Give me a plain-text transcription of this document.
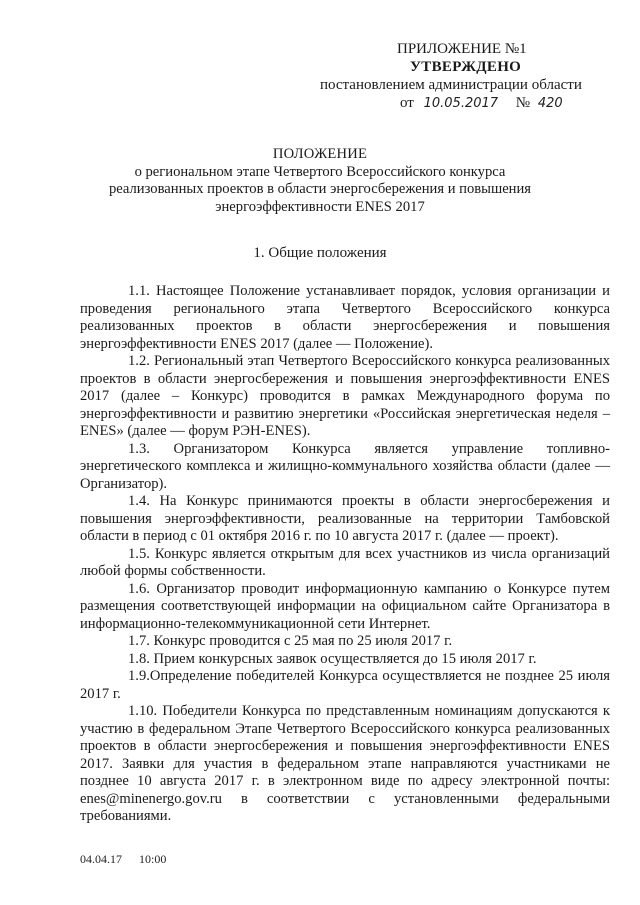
ПРИЛОЖЕНИЕ №1
УТВЕРЖДЕНО
постановлением администрации области
от 10.05.2017 № 420
ПОЛОЖЕНИЕ
о региональном этапе Четвертого Всероссийского конкурса реализованных проектов в области энергосбережения и повышения энергоэффективности ENES 2017
1. Общие положения

1.1. Настоящее Положение устанавливает порядок, условия организации и проведения регионального этапа Четвертого Всероссийского конкурса реализованных проектов в области энергосбережения и повышения энергоэффективности ENES 2017 (далее — Положение).

1.2. Региональный этап Четвертого Всероссийского конкурса реализованных проектов в области энергосбережения и повышения энергоэффективности ENES 2017 (далее – Конкурс) проводится в рамках Международного форума по энергоэффективности и развитию энергетики «Российская энергетическая неделя – ENES» (далее — форум РЭН-ENES).

1.3. Организатором Конкурса является управление топливно-энергетического комплекса и жилищно-коммунального хозяйства области (далее — Организатор).

1.4. На Конкурс принимаются проекты в области энергосбережения и повышения энергоэффективности, реализованные на территории Тамбовской области в период с 01 октября 2016 г. по 10 августа 2017 г. (далее — проект).

1.5. Конкурс является открытым для всех участников из числа организаций любой формы собственности.

1.6. Организатор проводит информационную кампанию о Конкурсе путем размещения соответствующей информации на официальном сайте Организатора в информационно-телекоммуникационной сети Интернет.

1.7. Конкурс проводится с 25 мая по 25 июля 2017 г.

1.8. Прием конкурсных заявок осуществляется до 15 июля 2017 г.

1.9.Определение победителей Конкурса осуществляется не позднее 25 июля 2017 г.

1.10. Победители Конкурса по представленным номинациям допускаются к участию в федеральном Этапе Четвертого Всероссийского конкурса реализованных проектов в области энергосбережения и повышения энергоэффективности ENES 2017. Заявки для участия в федеральном этапе направляются участниками не позднее 10 августа 2017 г. в электронном виде по адресу электронной почты: enes@minenergo.gov.ru в соответствии с установленными федеральными требованиями.

04.04.17 10:00
